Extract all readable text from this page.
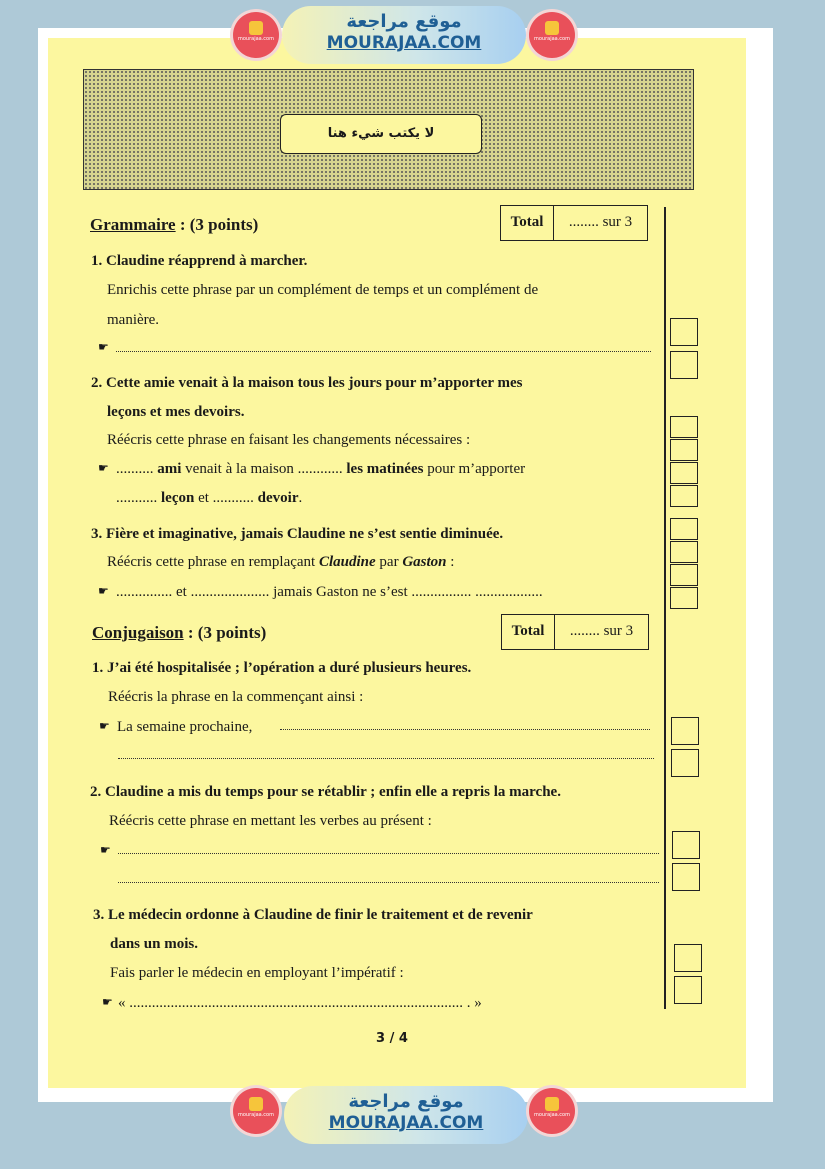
mourajaa.com
موقع مراجعة
MOURAJAA.COM	mourajaa.com
لا يكتب شيء هنا
Grammaire : (3 points)	Total	........ sur 3
1. Claudine réapprend à marcher.
Enrichis cette phrase par un complément de temps et un complément de
manière.
☛
2. Cette amie venait à la maison tous les jours pour m’apporter mes
leçons et mes devoirs.
Réécris cette phrase en faisant les changements nécessaires :
☛ .......... ami venait à la maison ............ les matinées pour m’apporter
........... leçon et ........... devoir.
3. Fière et imaginative, jamais Claudine ne s’est sentie diminuée.
Réécris cette phrase en remplaçant Claudine par Gaston :
☛ ............... et ..................... jamais Gaston ne s’est ................ ..................
Conjugaison : (3 points)	Total	........ sur 3
1. J’ai été hospitalisée ; l’opération a duré plusieurs heures.
Réécris la phrase en la commençant ainsi :
☛ La semaine prochaine,
2. Claudine a mis du temps pour se rétablir ; enfin elle a repris la marche.
Réécris cette phrase en mettant les verbes au présent :
☛
3. Le médecin ordonne à Claudine de finir le traitement et de revenir
dans un mois.
Fais parler le médecin en employant l’impératif :
☛ « ......................................................................................... . »
3 / 4
mourajaa.com
موقع مراجعة
MOURAJAA.COM	mourajaa.com
